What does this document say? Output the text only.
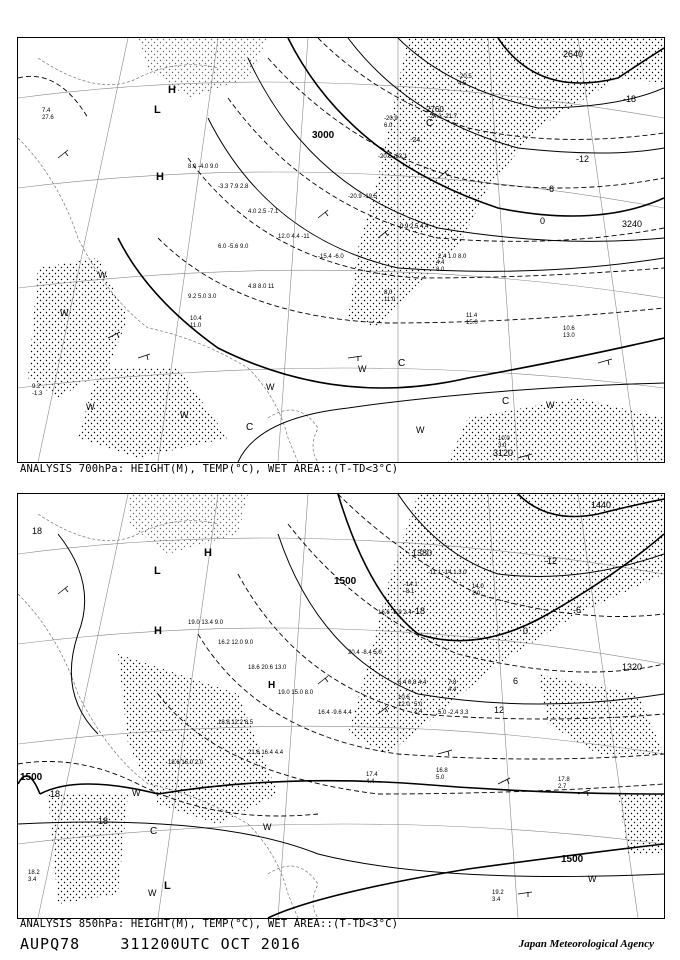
8.0 -4.0 9.0
-3.3 7.9 2.8
4.0 2.5 -7.1
12.0 4.4 -11
-15.4 -6.0
-20.9 -19.5
-20.5 -23.1
-24.3 -21.7
6.0 -5.6 9.0
4.8 8.0 11
9.2 5.0 3.0
-0.9 2.5 4.4
2.4 1.0 8.0
3000
3240
3120
2640
2760
-18
-12
-6
0
-24
H
H
L
C
C
C
C
W
W
W
W
W
W
W
W
10.4
11.0	10.6
13.0
11.4
15.0
10.0
3.0
8.0
11.0
4.4
8.0
-20.9
6.0
-20.5
4.5
7.4
27.6
9.2
-1.3
ANALYSIS 700hPa: HEIGHT(M), TEMP(°C), WET AREA::(T-TD<3°C)
19.0 13.4 9.0
16.2 12.0 9.0
18.6 20.6 13.0
19.0 15.0 8.0
16.4 -9.6 4.4
20.4 -8.4 5.0
16.6 -5.9 2.4
-11.1 -14.1 3.0
18.8 12.2 8.5
21.6 16.4 4.4
18.6 16.0 2.0
6.4 0.8 4.4
5.0 -2.4 3.3
1500
1500
1500
1380
1440
1320
18
18
18
12
6
0
-6
-12
-18
H
H
H
L
L
C
W
W
W
W
16.8
5.0	17.8
2.7
19.2
3.4
17.4
4.4
18.2
3.4
10.6
12.0
7.8
4.4
5.0
2.4
-14.1
-8.1
14.0
2.0
ANALYSIS 850hPa: HEIGHT(M), TEMP(°C), WET AREA::(T-TD<3°C)
AUPQ78	311200UTC OCT 2016	Japan Meteorological Agency
